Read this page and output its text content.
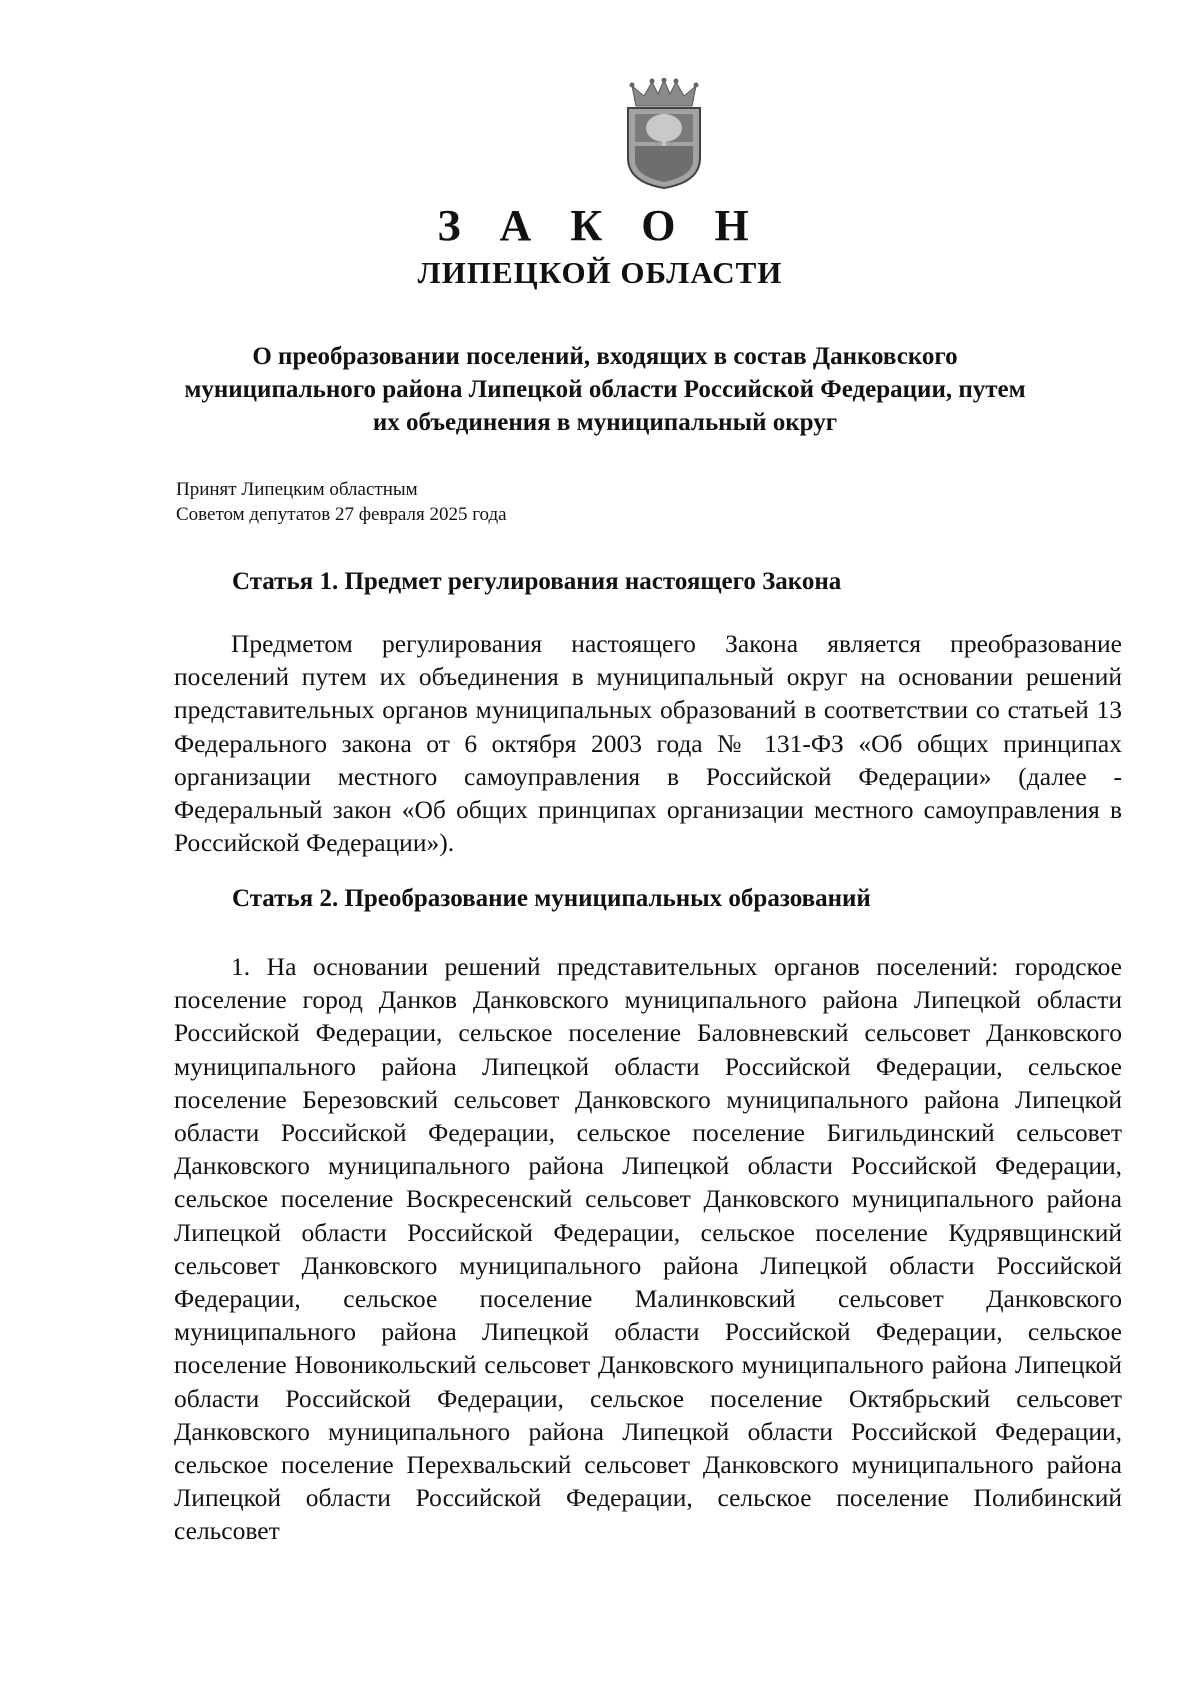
З А К О Н
ЛИПЕЦКОЙ ОБЛАСТИ

О преобразовании поселений, входящих в состав Данковского муниципального района Липецкой области Российской Федерации, путем их объединения в муниципальный округ

Принят Липецким областным
Советом депутатов 27 февраля 2025 года
Статья 1. Предмет регулирования настоящего Закона

Предметом регулирования настоящего Закона является преобразование поселений путем их объединения в муниципальный округ на основании решений представительных органов муниципальных образований в соответствии со статьей 13 Федерального закона от 6 октября 2003 года № 131-ФЗ «Об общих принципах организации местного самоуправления в Российской Федерации» (далее - Федеральный закон «Об общих принципах организации местного самоуправления в Российской Федерации»).

Статья 2. Преобразование муниципальных образований

1. На основании решений представительных органов поселений: городское поселение город Данков Данковского муниципального района Липецкой области Российской Федерации, сельское поселение Баловневский сельсовет Данковского муниципального района Липецкой области Российской Федерации, сельское поселение Березовский сельсовет Данковского муниципального района Липецкой области Российской Федерации, сельское поселение Бигильдинский сельсовет Данковского муниципального района Липецкой области Российской Федерации, сельское поселение Воскресенский сельсовет Данковского муниципального района Липецкой области Российской Федерации, сельское поселение Кудрявщинский сельсовет Данковского муниципального района Липецкой области Российской Федерации, сельское поселение Малинковский сельсовет Данковского муниципального района Липецкой области Российской Федерации, сельское поселение Новоникольский сельсовет Данковского муниципального района Липецкой области Российской Федерации, сельское поселение Октябрьский сельсовет Данковского муниципального района Липецкой области Российской Федерации, сельское поселение Перехвальский сельсовет Данковского муниципального района Липецкой области Российской Федерации, сельское поселение Полибинский сельсовет
